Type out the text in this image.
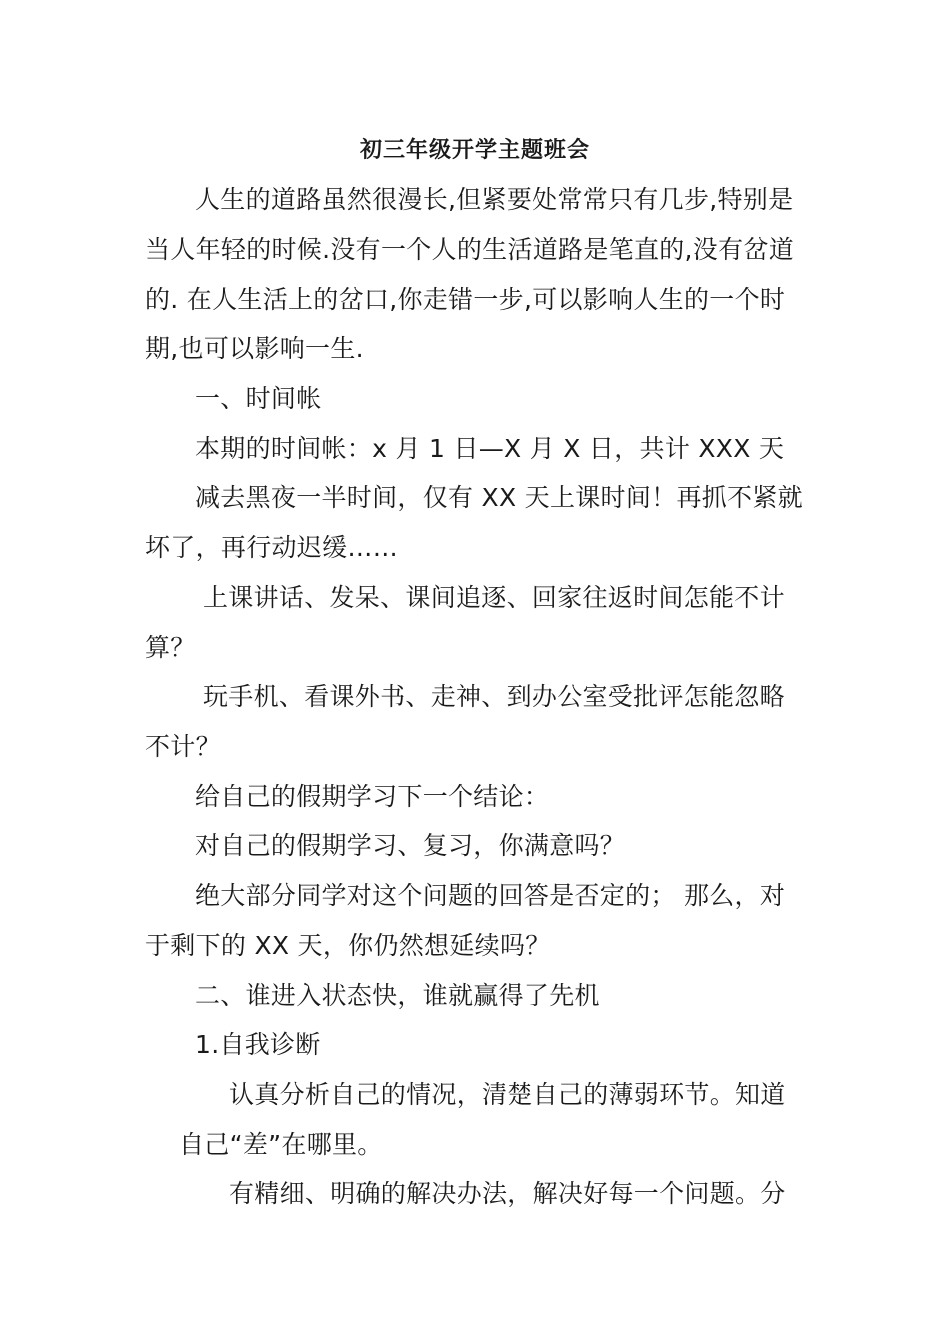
初三年级开学主题班会
人生的道路虽然很漫长,但紧要处常常只有几步,特别是
当人年轻的时候.没有一个人的生活道路是笔直的,没有岔道
的. 在人生活上的岔口,你走错一步,可以影响人生的一个时
期,也可以影响一生.
一、时间帐
本期的时间帐：x 月 1 日—X 月 X 日，共计 XXX 天
减去黑夜一半时间，仅有 XX 天上课时间！再抓不紧就
坏了，再行动迟缓……
上课讲话、发呆、课间追逐、回家往返时间怎能不计
算？
玩手机、看课外书、走神、到办公室受批评怎能忽略
不计？
给自己的假期学习下一个结论：
对自己的假期学习、复习，你满意吗？
绝大部分同学对这个问题的回答是否定的； 那么，对
于剩下的 XX 天，你仍然想延续吗？
二、谁进入状态快，谁就赢得了先机
1.自我诊断
认真分析自己的情况，清楚自己的薄弱环节。知道
自己“差”在哪里。
有精细、明确的解决办法，解决好每一个问题。分
